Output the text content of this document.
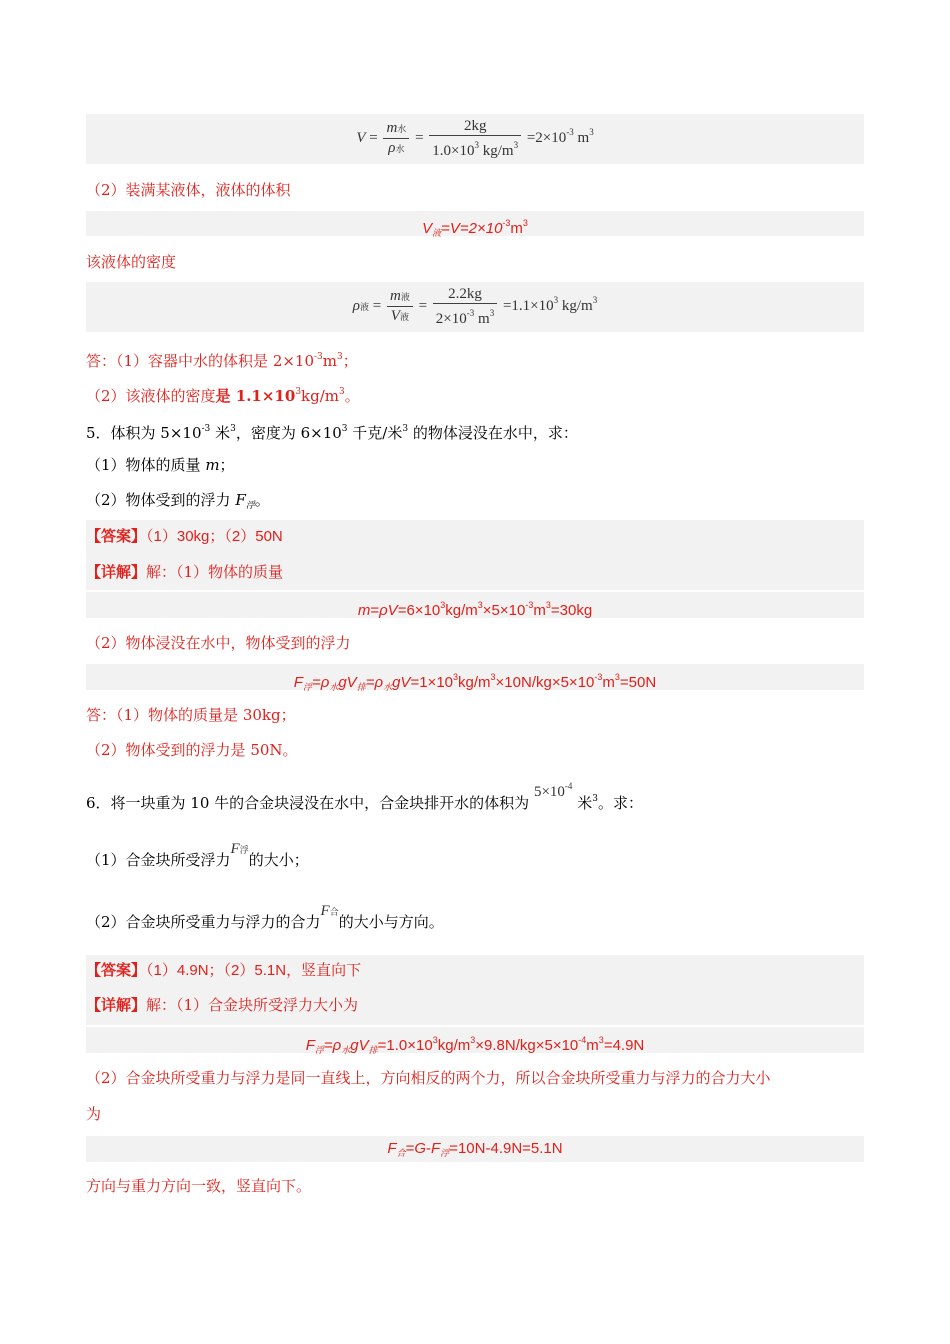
$V = \frac{\text{m水}}{\text{ρ水}} = \frac{2kg}{1.0\times 10^3 kg/m^3} =2\times 10^{-3}$ $m^3$
（2）装满某液体，液体的体积
$V_液=V=2\times 10^{-3}m^3$
该液体的密度
ρ液 = $\frac{\text{m液}}{\text{V液}} = \frac{2.2kg}{2\times 10^{-3} m^3} =1.1\times 10^3$ $kg/m^3$
答：（1）容器中水的体积是 $2\times 10^{-3}m^3$；
（2）该液体的密度是 $1.1\times 10^3kg/m^3$。
5．体积为 $5\times 10^{-3}$ 米$^3$，密度为 $6\times 10^3$ 千克/米$^3$ 的物体浸没在水中，求：
（1）物体的质量 m；
（2）物体受到的浮力 $F_浮$。
【答案】（1）30kg；（2）50N
【详解】解：（1）物体的质量
$m=\rho V=6\times 10^3kg/m^3\times 5\times 10^{-3}m^3=30kg$
（2）物体浸没在水中，物体受到的浮力
$F_浮=\rho_水gV_排=\rho_水gV=1\times 10^3kg/m^3\times 10N/kg\times 5\times 10^{-3}m^3=50N$
答：（1）物体的质量是 30kg；
（2）物体受到的浮力是 50N。
6．将一块重为 10 牛的合金块浸没在水中，合金块排开水的体积为 $5\times 10^{-4}$ 米$^3$。求：
（1）合金块所受浮力F浮的大小；
（2）合金块所受重力与浮力的合力F合的大小与方向。
【答案】（1）4.9N；（2）5.1N，竖直向下
【详解】解：（1）合金块所受浮力大小为
$F_浮=\rho_水gV_排=1.0\times 10^3kg/m^3\times 9.8N/kg\times 5\times 10^{-4}m^3=4.9N$
（2）合金块所受重力与浮力是同一直线上，方向相反的两个力，所以合金块所受重力与浮力的合力大小
为
$F_合=G-F_浮=10N-4.9N=5.1N$
方向与重力方向一致，竖直向下。
